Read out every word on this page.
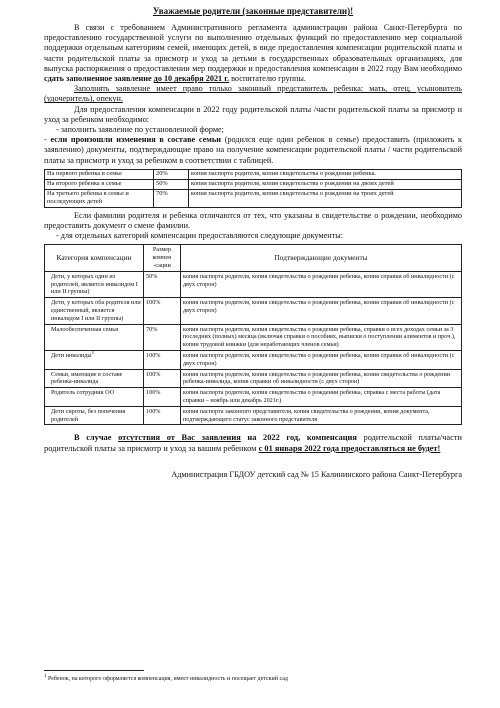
Уважаемые родители (законные представители)!

В связи с требованием Административного регламента администрации района Санкт-Петербурга по предоставлению государственной услуги по выполнению отдельных функций по предоставлению мер социальной поддержки отдельным категориям семей, имеющих детей, в виде предоставления компенсации родительской платы и части родительской платы за присмотр и уход за детьми в государственных образовательных организациях, для выпуска распоряжения о предоставлении мер поддержки и предоставления компенсации в 2022 году Вам необходимо сдать заполненное заявление до 10 декабря 2021 г. воспитателю группы.

Заполнять заявление имеет право только законный представитель ребенка: мать, отец, усыновитель (удочеритель), опекун.

Для предоставления компенсации в 2022 году родительской платы /части родительской платы за присмотр и уход за ребенком необходимо:

- заполнить заявление по установленной форме;

- если произошли изменения в составе семьи (родился еще один ребенок в семье) предоставить (приложить к заявлению) документы, подтверждающие право на получение компенсации родительской платы / части родительской платы за присмотр и уход за ребенком в соответствии с таблицей.

На первого ребенка в семье	20%	копия паспорта родителя, копия свидетельства о рождении ребенка.
На второго ребенка в семье	50%	копия паспорта родителя, копия свидетельства о рождении на двоих детей
На третьего ребенка в семье и последующих детей	70%	копия паспорта родителя, копия свидетельства о рождении на троих детей

Если фамилии родителя и ребенка отличаются от тех, что указаны в свидетельстве о рождении, необходимо предоставить документ о смене фамилии.

- для отдельных категорий компенсации предоставляются следующие документы:

Категория компенсации	Размер компен -сации	Подтверждающие документы
Дети, у которых один из родителей, является инвалидом I или II группы)	50%	копия паспорта родителя, копия свидетельства о рождении ребенка, копия справки об инвалидности (с двух сторон)
Дети, у которых оба родителя или единственный, является инвалидом I или II группы)	100%	копия паспорта родителя, копия свидетельства о рождении ребенка, копия справки об инвалидности (с двух сторон)
Малообеспеченная семья	70%	копия паспорта родителя, копия свидетельства о рождении ребенка, справки о всех доходах семьи за 3 последних (полных) месяца (включая справки о пособиях, выписки о поступлении алиментов и проч.), копии трудовой книжки (для неработающих членов семьи)
Дети инвалиды$^1$	100%	копия паспорта родителя, копия свидетельства о рождении ребенка, копия справки об инвалидности (с двух сторон)
Семьи, имеющие в составе ребенка-инвалида	100%	копия паспорта родителя, копия свидетельства о рождении ребенка, копия свидетельства о рождении ребенка-инвалида, копия справки об инвалидности (с двух сторон)
Родитель сотрудник ОО	100%	копия паспорта родителя, копия свидетельства о рождении ребенка, справка с места работы (дата справки – ноябрь или декабрь 2021г.)
Дети сироты, без попечения родителей	100%	копия паспорта законного представителя, копия свидетельства о рождении, копия документа, подтверждающего статус законного представителя

В случае отсутствия от Вас заявления на 2022 год, компенсация родительской платы/части родительской платы за присмотр и уход за вашим ребенком с 01 января 2022 года предоставляться не будет!

Администрация ГБДОУ детский сад № 15 Калининского района Санкт-Петербурга

$^1$ Ребенок, на которого оформляется компенсация, имеет инвалидность и посещает детский сад
